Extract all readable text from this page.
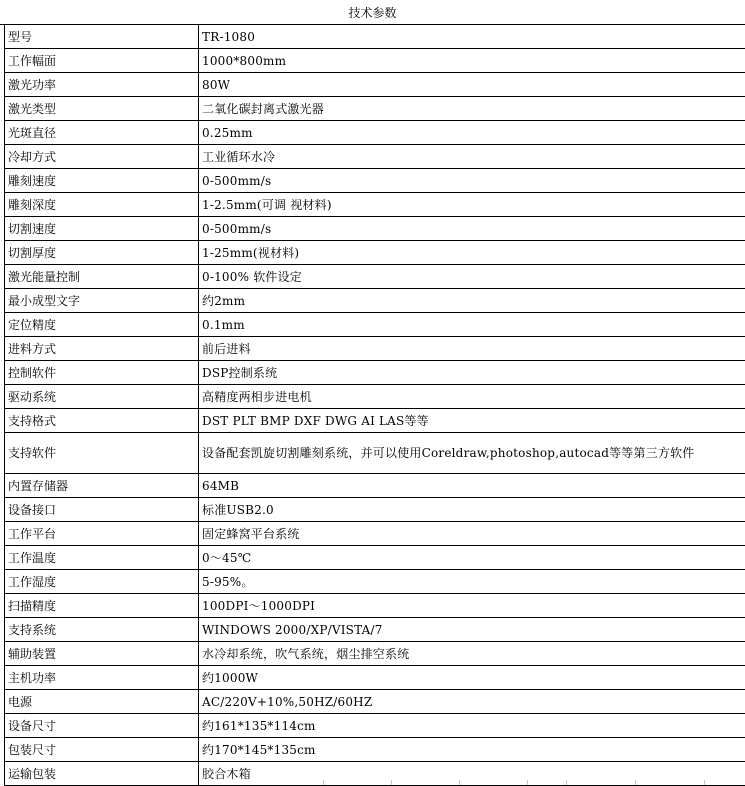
技术参数
型号	TR-1080
工作幅面	1000*800mm
激光功率	80W
激光类型	二氧化碳封离式激光器
光斑直径	0.25mm
冷却方式	工业循环水冷
雕刻速度	0-500mm/s
雕刻深度	1-2.5mm(可调 视材料)
切割速度	0-500mm/s
切割厚度	1-25mm(视材料)
激光能量控制	0-100% 软件设定
最小成型文字	约2mm
定位精度	0.1mm
进料方式	前后进料
控制软件	DSP控制系统
驱动系统	高精度两相步进电机
支持格式	DST PLT BMP DXF DWG AI LAS等等
支持软件	设备配套凯旋切割雕刻系统，并可以使用Coreldraw,photoshop,autocad等等第三方软件
内置存储器	64MB
设备接口	标准USB2.0
工作平台	固定蜂窝平台系统
工作温度	0～45℃
工作湿度	5-95%。
扫描精度	100DPI～1000DPI
支持系统	WINDOWS 2000/XP/VISTA/7
辅助装置	水冷却系统，吹气系统，烟尘排空系统
主机功率	约1000W
电源	AC/220V+10%,50HZ/60HZ
设备尺寸	约161*135*114cm
包装尺寸	约170*145*135cm
运输包装	胶合木箱
